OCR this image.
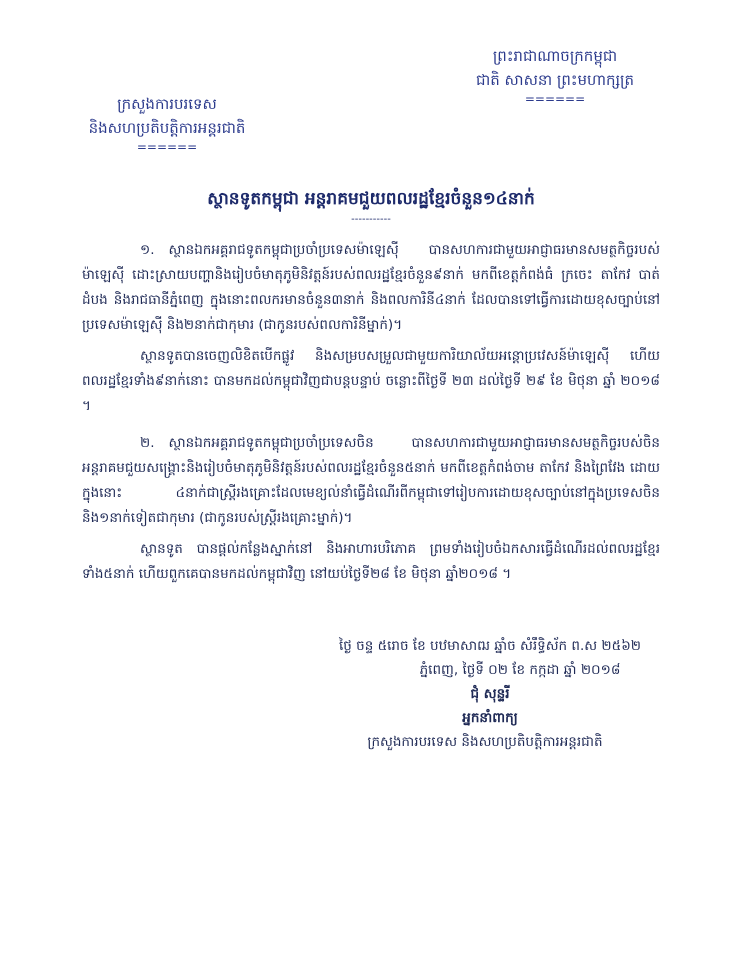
ព្រះរាជាណាចក្រកម្ពុជា
ជាតិ សាសនា ព្រះមហាក្សត្រ
======
ក្រសួងការបរទេស
និងសហប្រតិបត្តិការអន្តរជាតិ
======
ស្ថានទូតកម្ពុជា អន្តរាគមជួយពលរដ្ឋខ្មែរចំនួន១៤នាក់
-----------

១. ស្ថានឯកអគ្គរាជទូតកម្ពុជាប្រចាំប្រទេសម៉ាឡេស៊ី បានសហការជាមួយអាជ្ញាធរមានសមត្ថកិច្ចរបស់ម៉ាឡេស៊ី ដោះស្រាយបញ្ហានិងរៀបចំមាតុភូមិនិវត្តន៍របស់ពលរដ្ឋខ្មែរចំនួន៩នាក់ មកពីខេត្តកំពង់ធំ ក្រចេះ តាកែវ បាត់ដំបង និងរាជធានីភ្នំពេញ ក្នុងនោះពលករមានចំនួន៣នាក់ និងពលការិនី៤នាក់ ដែលបានទៅធ្វើការដោយខុសច្បាប់នៅប្រទេសម៉ាឡេស៊ី និង២នាក់ជាកុមារ (ជាកូនរបស់ពលការិនីម្នាក់)។

ស្ថានទូតបានចេញលិខិតបើកផ្លូវ និងសម្របសម្រួលជាមួយការិយាល័យអន្តោប្រវេសន៍ម៉ាឡេស៊ី ហើយពលរដ្ឋខ្មែរទាំង៩នាក់នោះ បានមកដល់កម្ពុជាវិញជាបន្តបន្ទាប់ ចន្លោះពីថ្ងៃទី ២៣ ដល់ថ្ងៃទី ២៩ ខែ មិថុនា ឆ្នាំ ២០១៨ ។

២. ស្ថានឯកអគ្គរាជទូតកម្ពុជាប្រចាំប្រទេសចិន បានសហការជាមួយអាជ្ញាធរមានសមត្ថកិច្ចរបស់ចិន អន្តរាគមជួយសង្គ្រោះនិងរៀបចំមាតុភូមិនិវត្តន៍របស់ពលរដ្ឋខ្មែរចំនួន៥នាក់ មកពីខេត្តកំពង់ចាម តាកែវ និងព្រៃវែង ដោយក្នុងនោះ ៤នាក់ជាស្ត្រីរងគ្រោះដែលមេខ្យល់នាំធ្វើដំណើរពីកម្ពុជាទៅរៀបការដោយខុសច្បាប់នៅក្នុងប្រទេសចិន និង១នាក់ទៀតជាកុមារ (ជាកូនរបស់ស្ត្រីរងគ្រោះម្នាក់)។

ស្ថានទូត បានផ្តល់កន្លែងស្នាក់នៅ និងអាហារបរិភោគ ព្រមទាំងរៀបចំឯកសារធ្វើដំណើរដល់ពលរដ្ឋខ្មែរទាំង៥នាក់ ហើយពួកគេបានមកដល់កម្ពុជាវិញ នៅយប់ថ្ងៃទី២៨ ខែ មិថុនា ឆ្នាំ២០១៨ ។

ថ្ងៃ ចន្ទ ៥រោច ខែ បឋមាសាឍ ឆ្នាំច សំរឹទ្ធិស័ក ព.ស ២៥៦២
ភ្នំពេញ, ថ្ងៃទី ០២ ខែ កក្កដា ឆ្នាំ ២០១៨
ជុំ សុន្ទរី
អ្នកនាំពាក្យ
ក្រសួងការបរទេស និងសហប្រតិបត្តិការអន្តរជាតិ
